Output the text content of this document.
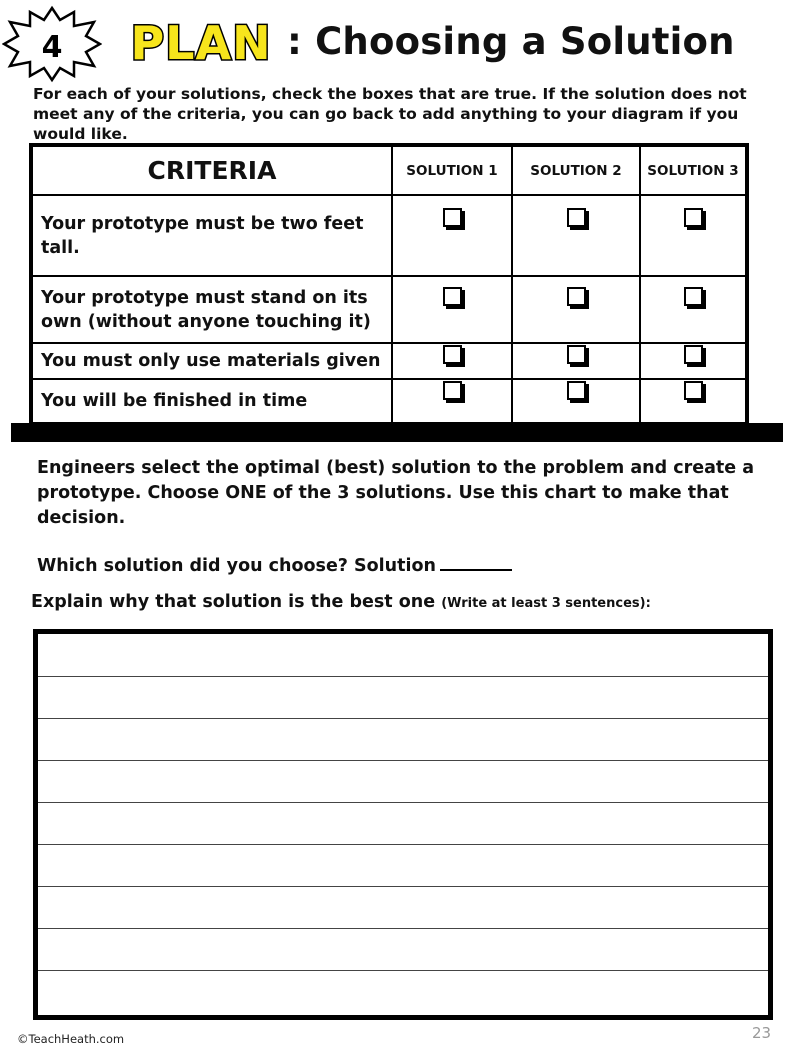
4 PLAN : Choosing a Solution
For each of your solutions, check the boxes that are true. If the solution does not meet any of the criteria, you can go back to add anything to your diagram if you would like.
CRITERIA	SOLUTION 1	SOLUTION 2	SOLUTION 3
Your prototype must be two feet tall.			
Your prototype must stand on its own (without anyone touching it)			
You must only use materials given			
You will be finished in time			
Engineers select the optimal (best) solution to the problem and create a prototype. Choose ONE of the 3 solutions. Use this chart to make that decision.
Which solution did you choose? Solution
Explain why that solution is the best one (Write at least 3 sentences):
©TeachHeath.com	23
